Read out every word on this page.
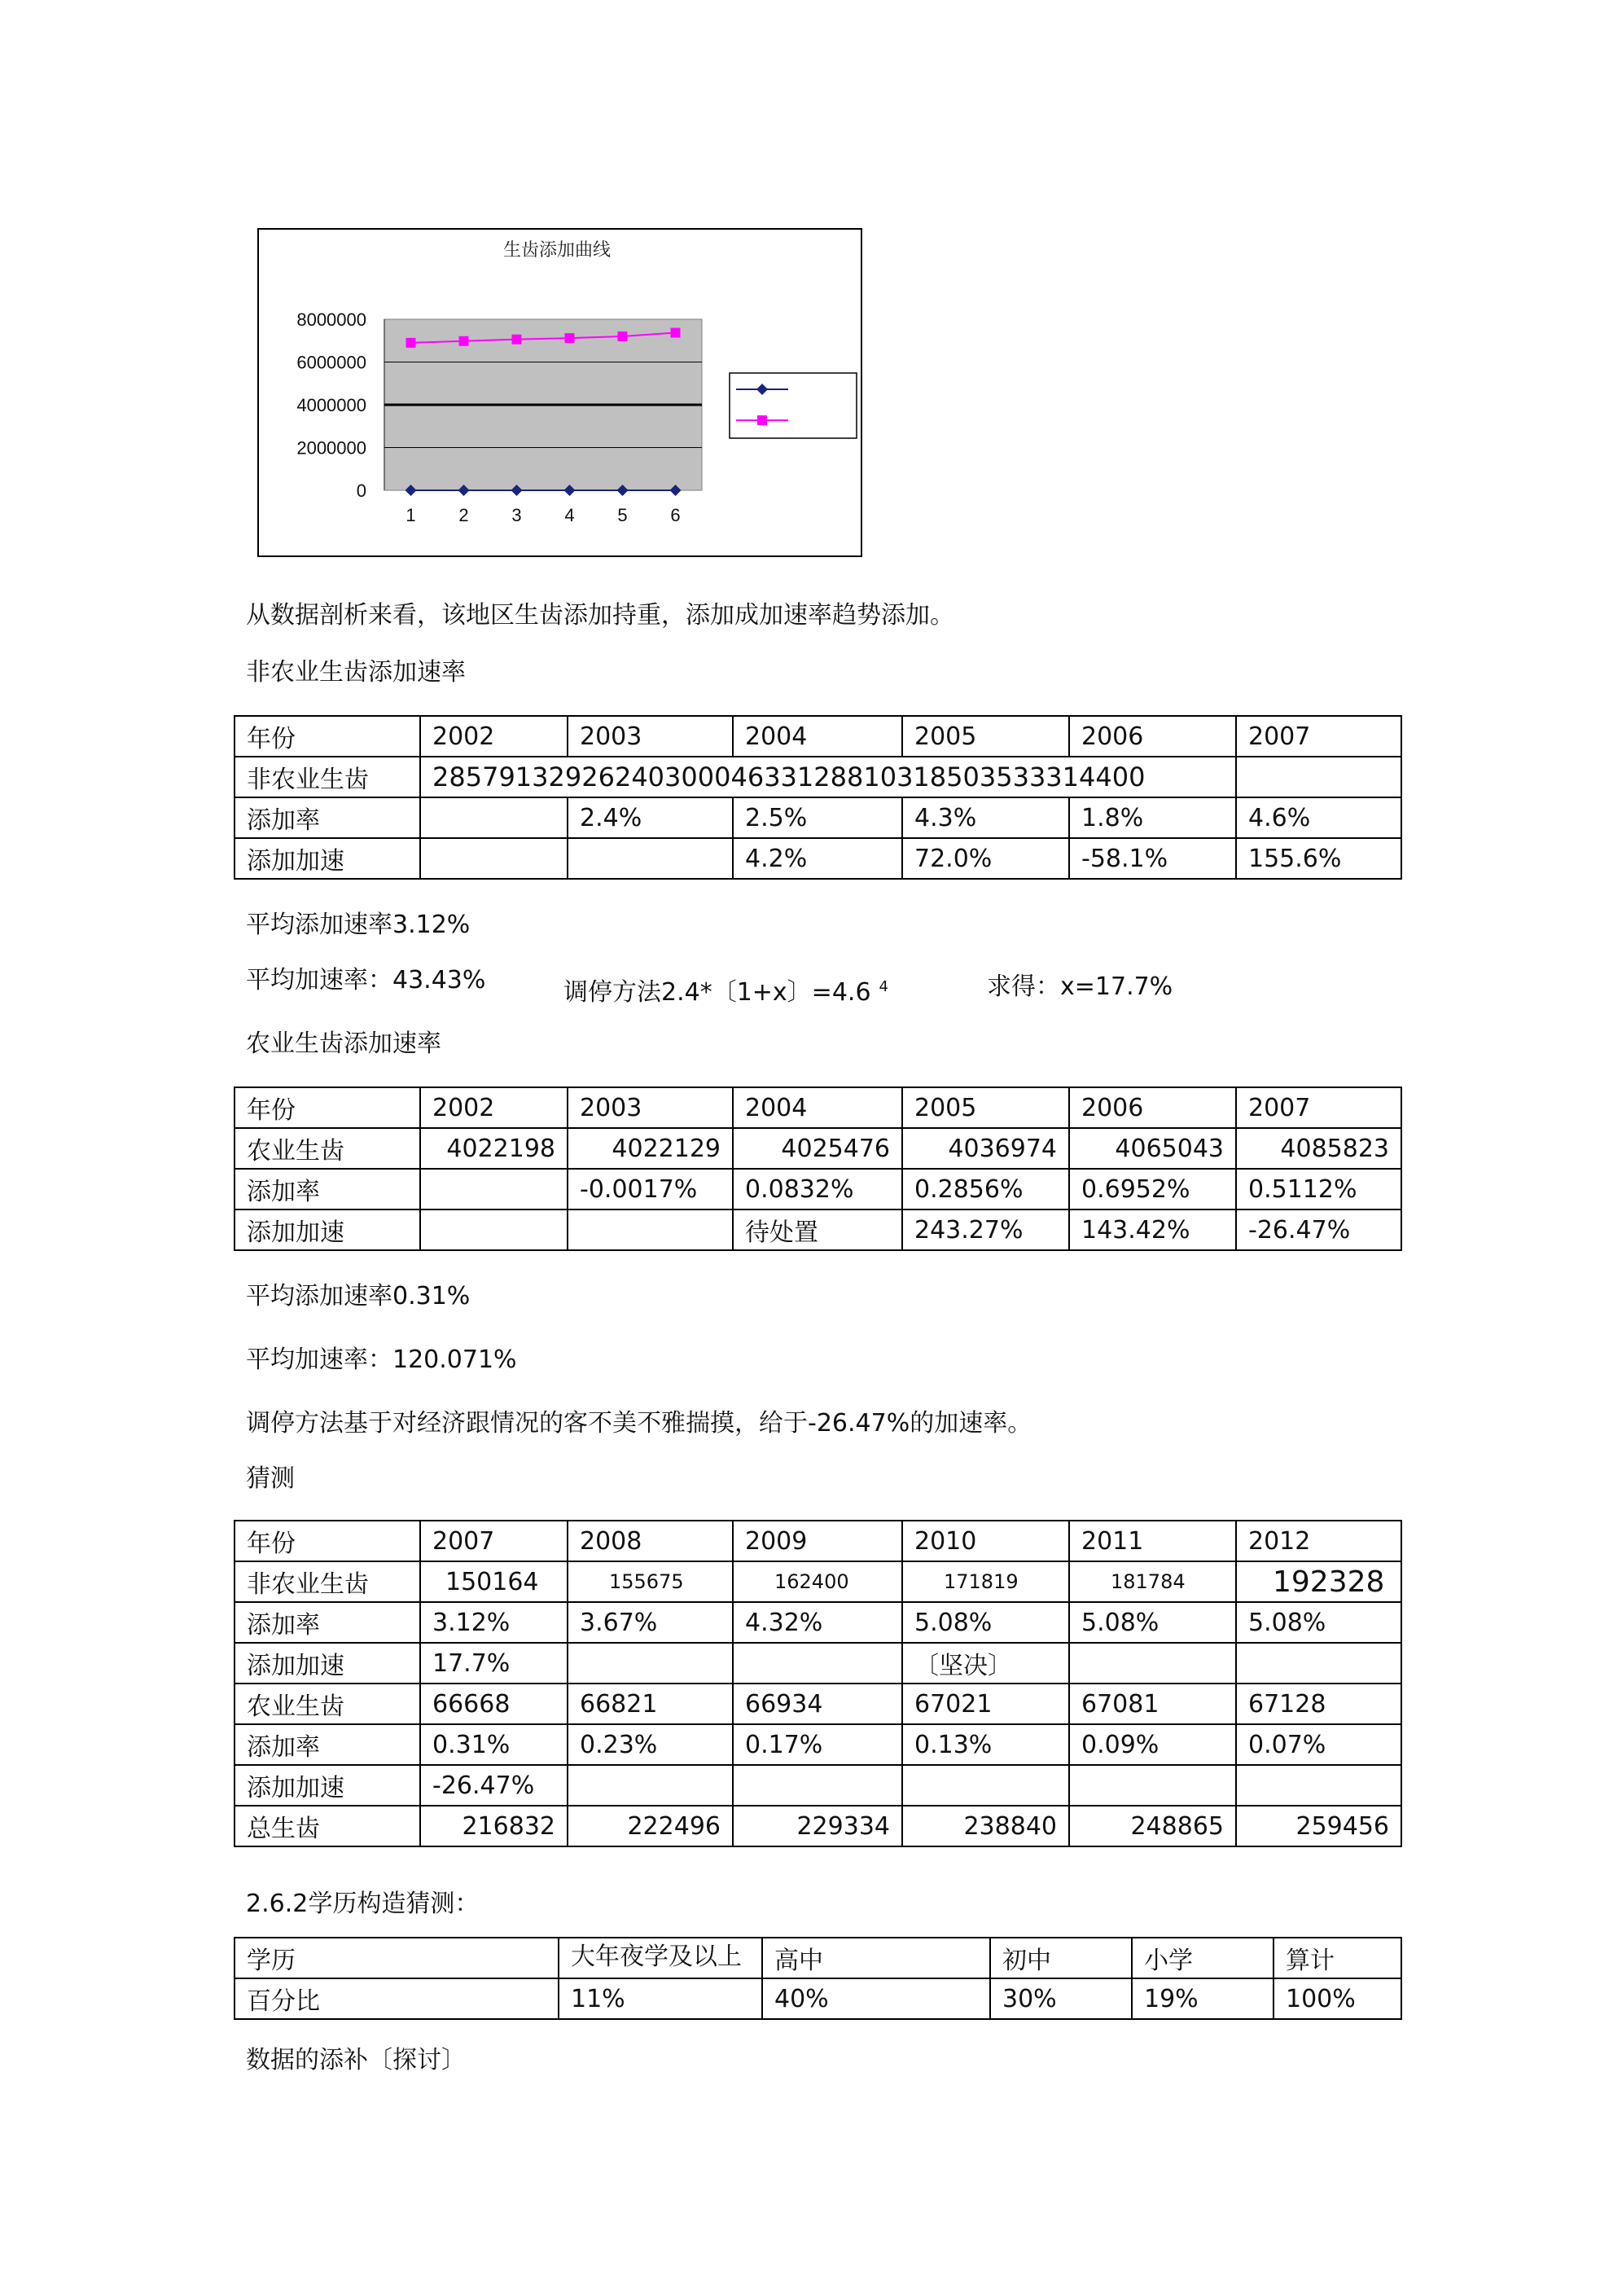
生齿添加曲线
8000000
6000000
4000000
2000000
0
1 2 3 4 5 6
从数据剖析来看，该地区生齿添加持重，添加成加速率趋势添加。
非农业生齿添加速率
年份	2002	2003	2004	2005	2006	2007
非农业生齿	2857913292624030004633128810318503533314400					
添加率		2.4%	2.5%	4.3%	1.8%	4.6%
添加加速			4.2%	72.0%	-58.1%	155.6%
平均添加速率3.12%
平均加速率：43.43%	调停方法2.4*〔1+x〕=4.6 $^4$	求得：x=17.7%
农业生齿添加速率
年份	2002	2003	2004	2005	2006	2007
农业生齿	4022198	4022129	4025476	4036974	4065043	4085823
添加率		-0.0017%	0.0832%	0.2856%	0.6952%	0.5112%
添加加速			待处置	243.27%	143.42%	-26.47%
平均添加速率0.31%
平均加速率：120.071%
调停方法基于对经济跟情况的客不美不雅揣摸，给于-26.47%的加速率。
猜测
年份	2007	2008	2009	2010	2011	2012
非农业生齿	150164	155675	162400	171819	181784	192328
添加率	3.12%	3.67%	4.32%	5.08%	5.08%	5.08%
添加加速	17.7%			〔坚决〕		
农业生齿	66668	66821	66934	67021	67081	67128
添加率	0.31%	0.23%	0.17%	0.13%	0.09%	0.07%
添加加速	-26.47%					
总生齿	216832	222496	229334	238840	248865	259456
2.6.2学历构造猜测：
学历	大年夜学及以上	高中	初中	小学	算计
百分比	11%	40%	30%	19%	100%
数据的添补〔探讨〕
